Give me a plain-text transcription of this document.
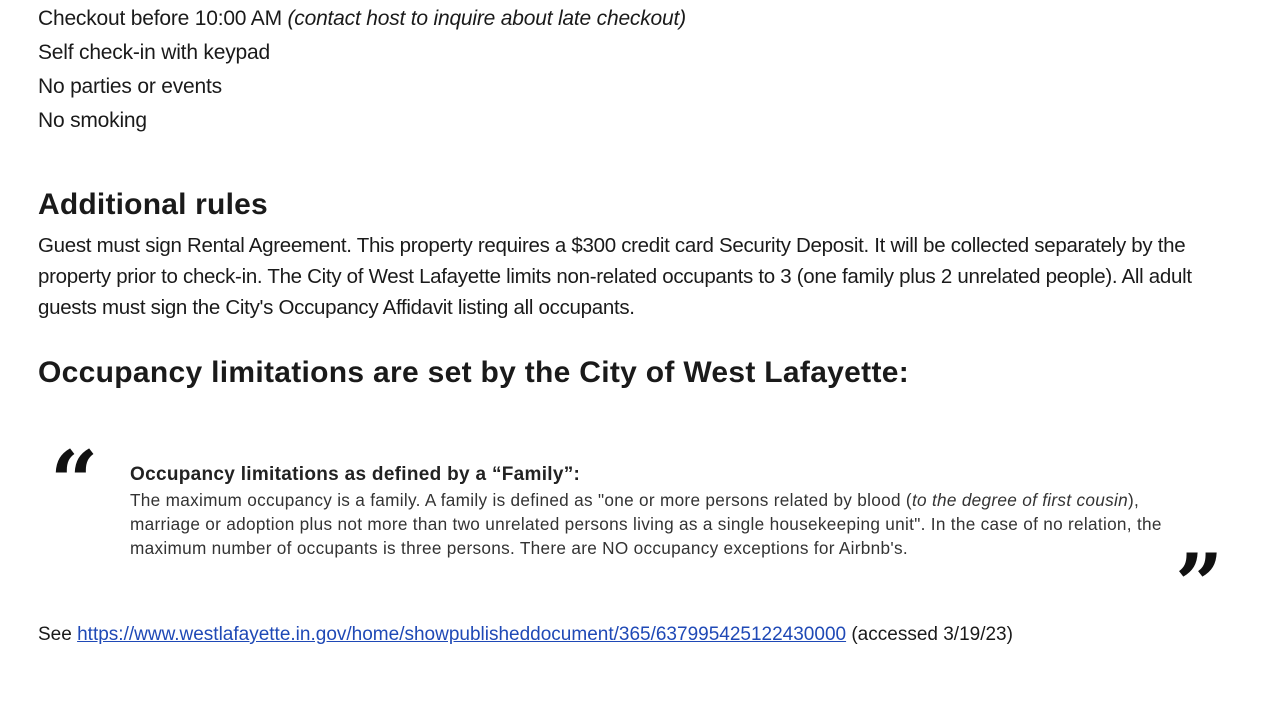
Checkout before 10:00 AM (contact host to inquire about late checkout)
Self check-in with keypad
No parties or events
No smoking
Additional rules

Guest must sign Rental Agreement. This property requires a $300 credit card Security Deposit. It will be collected separately by the property prior to check-in. The City of West Lafayette limits non-related occupants to 3 (one family plus 2 unrelated people). All adult guests must sign the City's Occupancy Affidavit listing all occupants.

Occupancy limitations are set by the City of West Lafayette:
“ Occupancy limitations as defined by a “Family”:

The maximum occupancy is a family. A family is defined as "one or more persons related by blood (to the degree of first cousin), marriage or adoption plus not more than two unrelated persons living as a single housekeeping unit". In the case of no relation, the maximum number of occupants is three persons. There are NO occupancy exceptions for Airbnb's.	”

See https://www.westlafayette.in.gov/home/showpublisheddocument/365/637995425122430000 (accessed 3/19/23)
